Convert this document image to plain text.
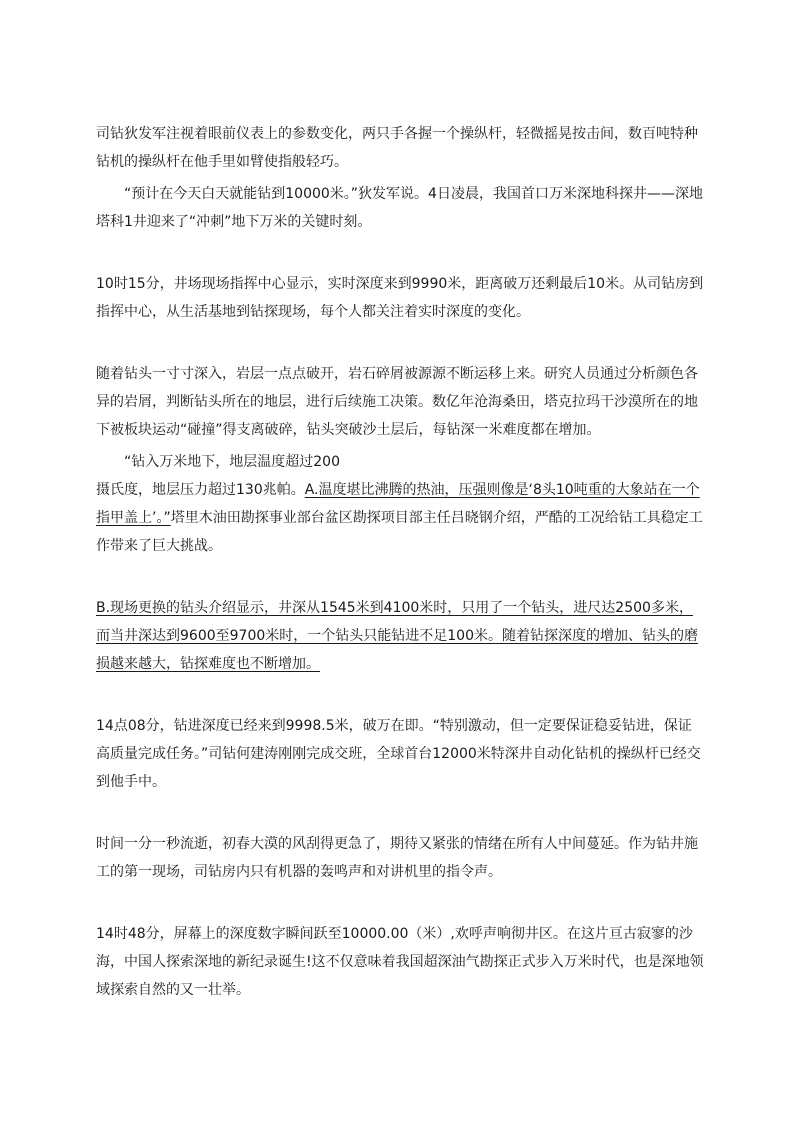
司钻狄发军注视着眼前仪表上的参数变化，两只手各握一个操纵杆，轻微摇晃按击间，数百吨特种钻机的操纵杆在他手里如臂使指般轻巧。

“预计在今天白天就能钻到10000米。”狄发军说。4日凌晨，我国首口万米深地科探井——深地塔科1井迎来了“冲刺”地下万米的关键时刻。

10时15分，井场现场指挥中心显示，实时深度来到9990米，距离破万还剩最后10米。从司钻房到指挥中心，从生活基地到钻探现场，每个人都关注着实时深度的变化。

随着钻头一寸寸深入，岩层一点点破开，岩石碎屑被源源不断运移上来。研究人员通过分析颜色各异的岩屑，判断钻头所在的地层，进行后续施工决策。数亿年沧海桑田，塔克拉玛干沙漠所在的地下被板块运动“碰撞”得支离破碎，钻头突破沙土层后，每钻深一米难度都在增加。

“钻入万米地下，地层温度超过200
摄氏度，地层压力超过130兆帕。A.温度堪比沸腾的热油，压强则像是‘8头10吨重的大象站在一个指甲盖上’。”塔里木油田勘探事业部台盆区勘探项目部主任吕晓钢介绍，严酷的工况给钻工具稳定工作带来了巨大挑战。

B.现场更换的钻头介绍显示，井深从1545米到4100米时，只用了一个钻头，进尺达2500多米，而当井深达到9600至9700米时，一个钻头只能钻进不足100米。随着钻探深度的增加、钻头的磨损越来越大，钻探难度也不断增加。

14点08分，钻进深度已经来到9998.5米，破万在即。“特别激动，但一定要保证稳妥钻进，保证高质量完成任务。”司钻何建涛刚刚完成交班，全球首台12000米特深井自动化钻机的操纵杆已经交到他手中。

时间一分一秒流逝，初春大漠的风刮得更急了，期待又紧张的情绪在所有人中间蔓延。作为钻井施工的第一现场，司钻房内只有机器的轰鸣声和对讲机里的指令声。

14时48分，屏幕上的深度数字瞬间跃至10000.00（米）,欢呼声响彻井区。在这片亘古寂寥的沙海，中国人探索深地的新纪录诞生!这不仅意味着我国超深油气勘探正式步入万米时代，也是深地领域探索自然的又一壮举。
